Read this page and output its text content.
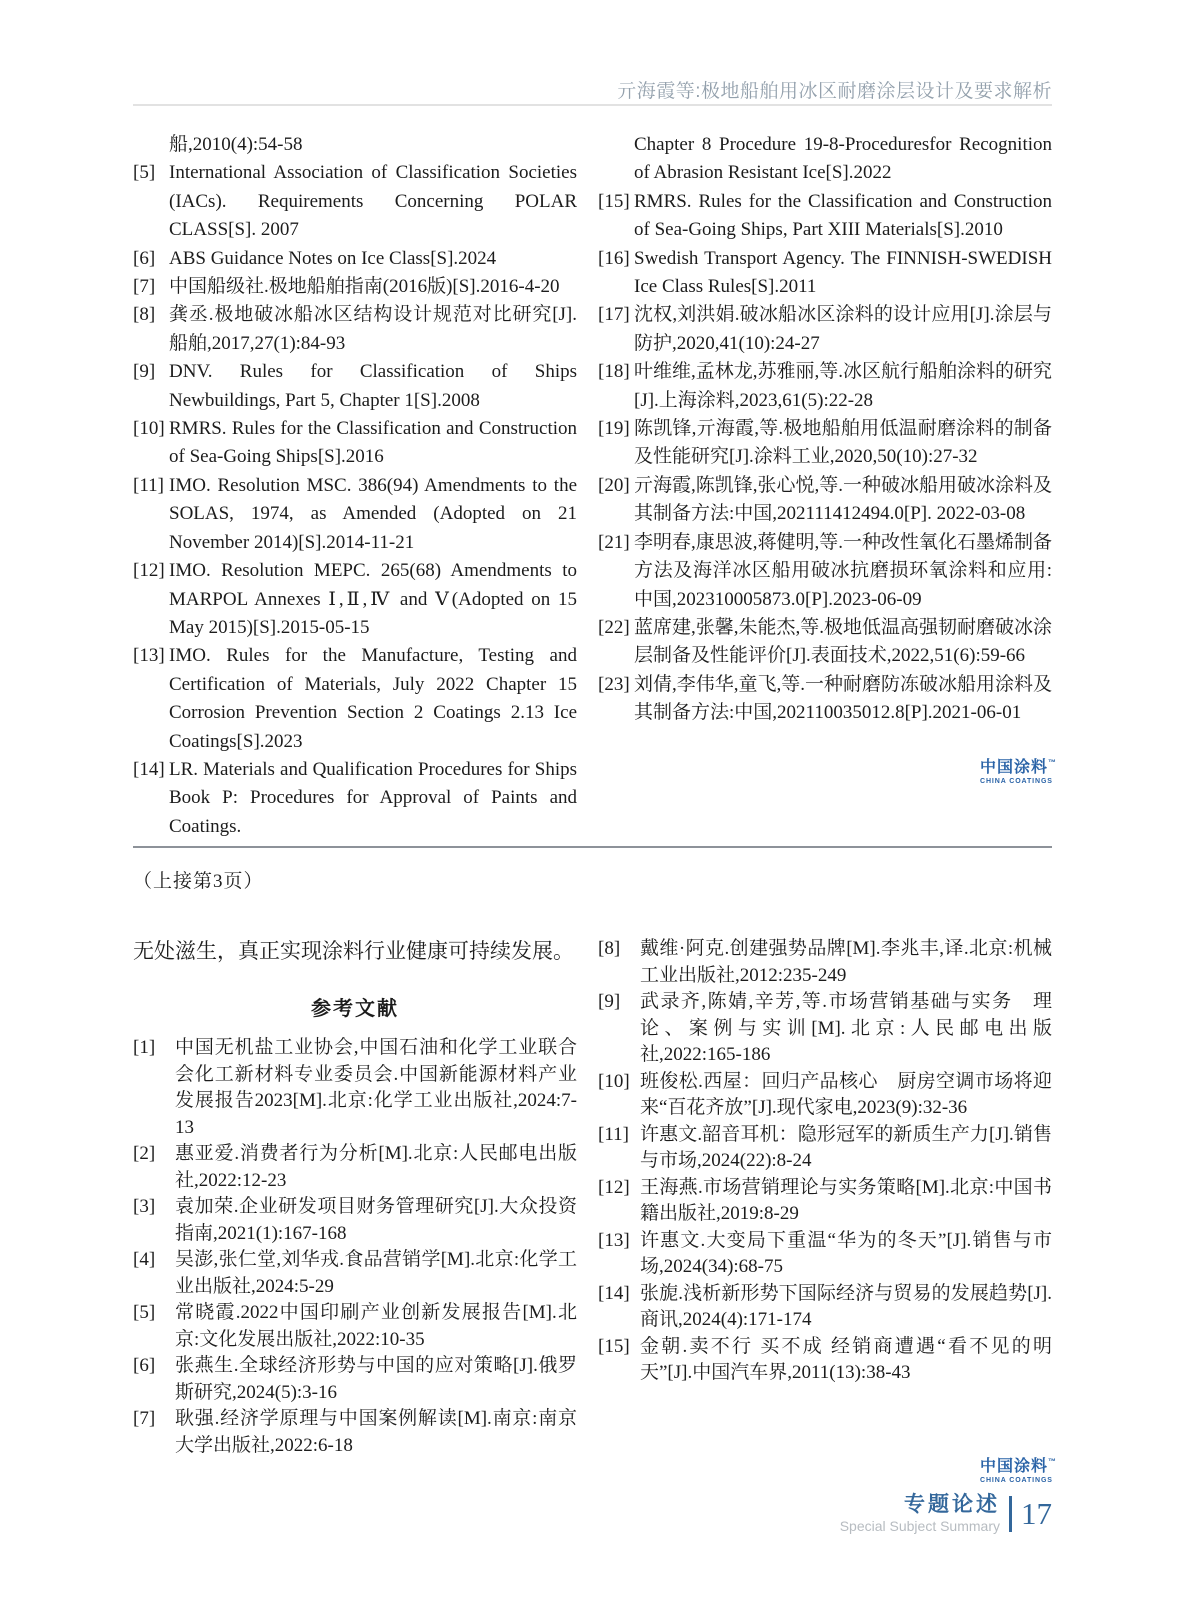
亓海霞等:极地船舶用冰区耐磨涂层设计及要求解析
船,2010(4):54-58
[5] International Association of Classification Societies (IACs). Requirements Concerning POLAR CLASS[S]. 2007
[6] ABS Guidance Notes on Ice Class[S].2024
[7] 中国船级社.极地船舶指南(2016版)[S].2016-4-20
[8] 龚丞.极地破冰船冰区结构设计规范对比研究[J].船舶,2017,27(1):84-93
[9] DNV. Rules for Classification of Ships Newbuildings, Part 5, Chapter 1[S].2008
[10] RMRS. Rules for the Classification and Construction of Sea-Going Ships[S].2016
[11] IMO. Resolution MSC. 386(94) Amendments to the SOLAS, 1974, as Amended (Adopted on 21 November 2014)[S].2014-11-21
[12] IMO. Resolution MEPC. 265(68) Amendments to MARPOL Annexes Ⅰ,Ⅱ,Ⅳ and Ⅴ(Adopted on 15 May 2015)[S].2015-05-15
[13] IMO. Rules for the Manufacture, Testing and Certification of Materials, July 2022 Chapter 15 Corrosion Prevention Section 2 Coatings 2.13 Ice Coatings[S].2023
[14] LR. Materials and Qualification Procedures for Ships Book P: Procedures for Approval of Paints and Coatings.
Chapter 8 Procedure 19-8-Proceduresfor Recognition of Abrasion Resistant Ice[S].2022
[15] RMRS. Rules for the Classification and Construction of Sea-Going Ships, Part XIII Materials[S].2010
[16] Swedish Transport Agency. The FINNISH-SWEDISH Ice Class Rules[S].2011
[17] 沈权,刘洪娟.破冰船冰区涂料的设计应用[J].涂层与防护,2020,41(10):24-27
[18] 叶维维,孟林龙,苏雅丽,等.冰区航行船舶涂料的研究[J].上海涂料,2023,61(5):22-28
[19] 陈凯锋,亓海霞,等.极地船舶用低温耐磨涂料的制备及性能研究[J].涂料工业,2020,50(10):27-32
[20] 亓海霞,陈凯锋,张心悦,等.一种破冰船用破冰涂料及其制备方法:中国,202111412494.0[P]. 2022-03-08
[21] 李明春,康思波,蒋健明,等.一种改性氧化石墨烯制备方法及海洋冰区船用破冰抗磨损环氧涂料和应用:中国,202310005873.0[P].2023-06-09
[22] 蓝席建,张馨,朱能杰,等.极地低温高强韧耐磨破冰涂层制备及性能评价[J].表面技术,2022,51(6):59-66
[23] 刘倩,李伟华,童飞,等.一种耐磨防冻破冰船用涂料及其制备方法:中国,202110035012.8[P].2021-06-01
中国涂料™
CHINA COATINGS
（上接第3页）

无处滋生，真正实现涂料行业健康可持续发展。

参考文献
[1] 中国无机盐工业协会,中国石油和化学工业联合会化工新材料专业委员会.中国新能源材料产业发展报告2023[M].北京:化学工业出版社,2024:7-13
[2] 惠亚爱.消费者行为分析[M].北京:人民邮电出版社,2022:12-23
[3] 袁加荣.企业研发项目财务管理研究[J].大众投资指南,2021(1):167-168
[4] 吴澎,张仁堂,刘华戎.食品营销学[M].北京:化学工业出版社,2024:5-29
[5] 常晓霞.2022中国印刷产业创新发展报告[M].北京:文化发展出版社,2022:10-35
[6] 张燕生.全球经济形势与中国的应对策略[J].俄罗斯研究,2024(5):3-16
[7] 耿强.经济学原理与中国案例解读[M].南京:南京大学出版社,2022:6-18
[8] 戴维·阿克.创建强势品牌[M].李兆丰,译.北京:机械工业出版社,2012:235-249
[9] 武录齐,陈婧,辛芳,等.市场营销基础与实务　理论、案例与实训[M].北京:人民邮电出版社,2022:165-186
[10] 班俊松.西屋：回归产品核心　厨房空调市场将迎来“百花齐放”[J].现代家电,2023(9):32-36
[11] 许惠文.韶音耳机：隐形冠军的新质生产力[J].销售与市场,2024(22):8-24
[12] 王海燕.市场营销理论与实务策略[M].北京:中国书籍出版社,2019:8-29
[13] 许惠文.大变局下重温“华为的冬天”[J].销售与市场,2024(34):68-75
[14] 张旎.浅析新形势下国际经济与贸易的发展趋势[J].商讯,2024(4):171-174
[15] 金朝.卖不行 买不成 经销商遭遇“看不见的明天”[J].中国汽车界,2011(13):38-43
中国涂料™
CHINA COATINGS
专题论述
Special Subject Summary 17
